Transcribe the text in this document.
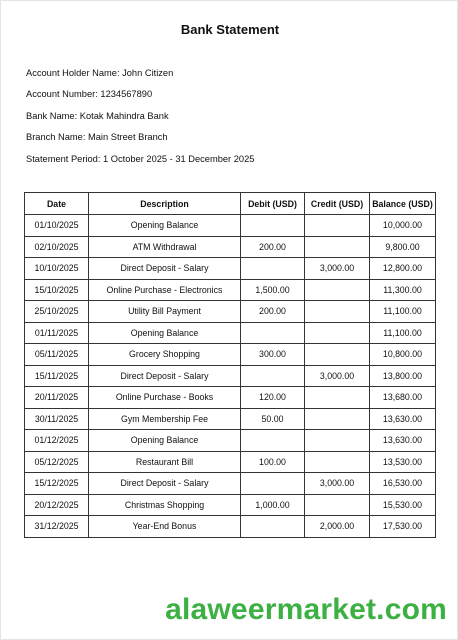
Bank Statement
Account Holder Name: John Citizen
Account Number: 1234567890
Bank Name: Kotak Mahindra Bank
Branch Name: Main Street Branch
Statement Period: 1 October 2025 - 31 December 2025
Date	Description	Debit (USD)	Credit (USD)	Balance (USD)
01/10/2025	Opening Balance			10,000.00
02/10/2025	ATM Withdrawal	200.00		9,800.00
10/10/2025	Direct Deposit - Salary		3,000.00	12,800.00
15/10/2025	Online Purchase - Electronics	1,500.00		11,300.00
25/10/2025	Utility Bill Payment	200.00		11,100.00
01/11/2025	Opening Balance			11,100.00
05/11/2025	Grocery Shopping	300.00		10,800.00
15/11/2025	Direct Deposit - Salary		3,000.00	13,800.00
20/11/2025	Online Purchase - Books	120.00		13,680.00
30/11/2025	Gym Membership Fee	50.00		13,630.00
01/12/2025	Opening Balance			13,630.00
05/12/2025	Restaurant Bill	100.00		13,530.00
15/12/2025	Direct Deposit - Salary		3,000.00	16,530.00
20/12/2025	Christmas Shopping	1,000.00		15,530.00
31/12/2025	Year-End Bonus		2,000.00	17,530.00
alaweermarket.com
